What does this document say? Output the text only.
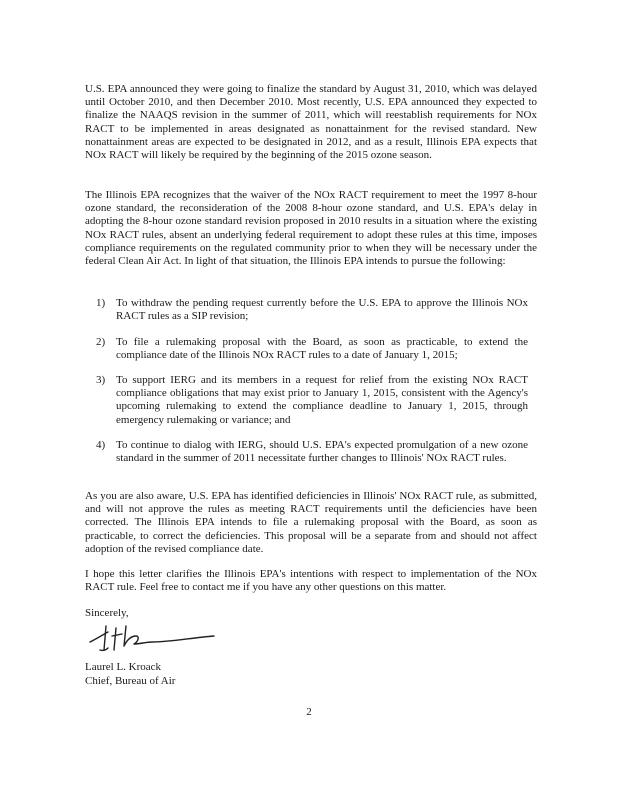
U.S. EPA announced they were going to finalize the standard by August 31, 2010, which was delayed until October 2010, and then December 2010. Most recently, U.S. EPA announced they expected to finalize the NAAQS revision in the summer of 2011, which will reestablish requirements for NOx RACT to be implemented in areas designated as nonattainment for the revised standard. New nonattainment areas are expected to be designated in 2012, and as a result, Illinois EPA expects that NOx RACT will likely be required by the beginning of the 2015 ozone season.

The Illinois EPA recognizes that the waiver of the NOx RACT requirement to meet the 1997 8-hour ozone standard, the reconsideration of the 2008 8-hour ozone standard, and U.S. EPA's delay in adopting the 8-hour ozone standard revision proposed in 2010 results in a situation where the existing NOx RACT rules, absent an underlying federal requirement to adopt these rules at this time, imposes compliance requirements on the regulated community prior to when they will be necessary under the federal Clean Air Act. In light of that situation, the Illinois EPA intends to pursue the following:

1) To withdraw the pending request currently before the U.S. EPA to approve the Illinois NOx RACT rules as a SIP revision;
2) To file a rulemaking proposal with the Board, as soon as practicable, to extend the compliance date of the Illinois NOx RACT rules to a date of January 1, 2015;
3) To support IERG and its members in a request for relief from the existing NOx RACT compliance obligations that may exist prior to January 1, 2015, consistent with the Agency's upcoming rulemaking to extend the compliance deadline to January 1, 2015, through emergency rulemaking or variance; and
4) To continue to dialog with IERG, should U.S. EPA's expected promulgation of a new ozone standard in the summer of 2011 necessitate further changes to Illinois' NOx RACT rules.

As you are also aware, U.S. EPA has identified deficiencies in Illinois' NOx RACT rule, as submitted, and will not approve the rules as meeting RACT requirements until the deficiencies have been corrected. The Illinois EPA intends to file a rulemaking proposal with the Board, as soon as practicable, to correct the deficiencies. This proposal will be a separate from and should not affect adoption of the revised compliance date.

I hope this letter clarifies the Illinois EPA's intentions with respect to implementation of the NOx RACT rule. Feel free to contact me if you have any other questions on this matter.

Sincerely,

Laurel L. Kroack

Chief, Bureau of Air

2
